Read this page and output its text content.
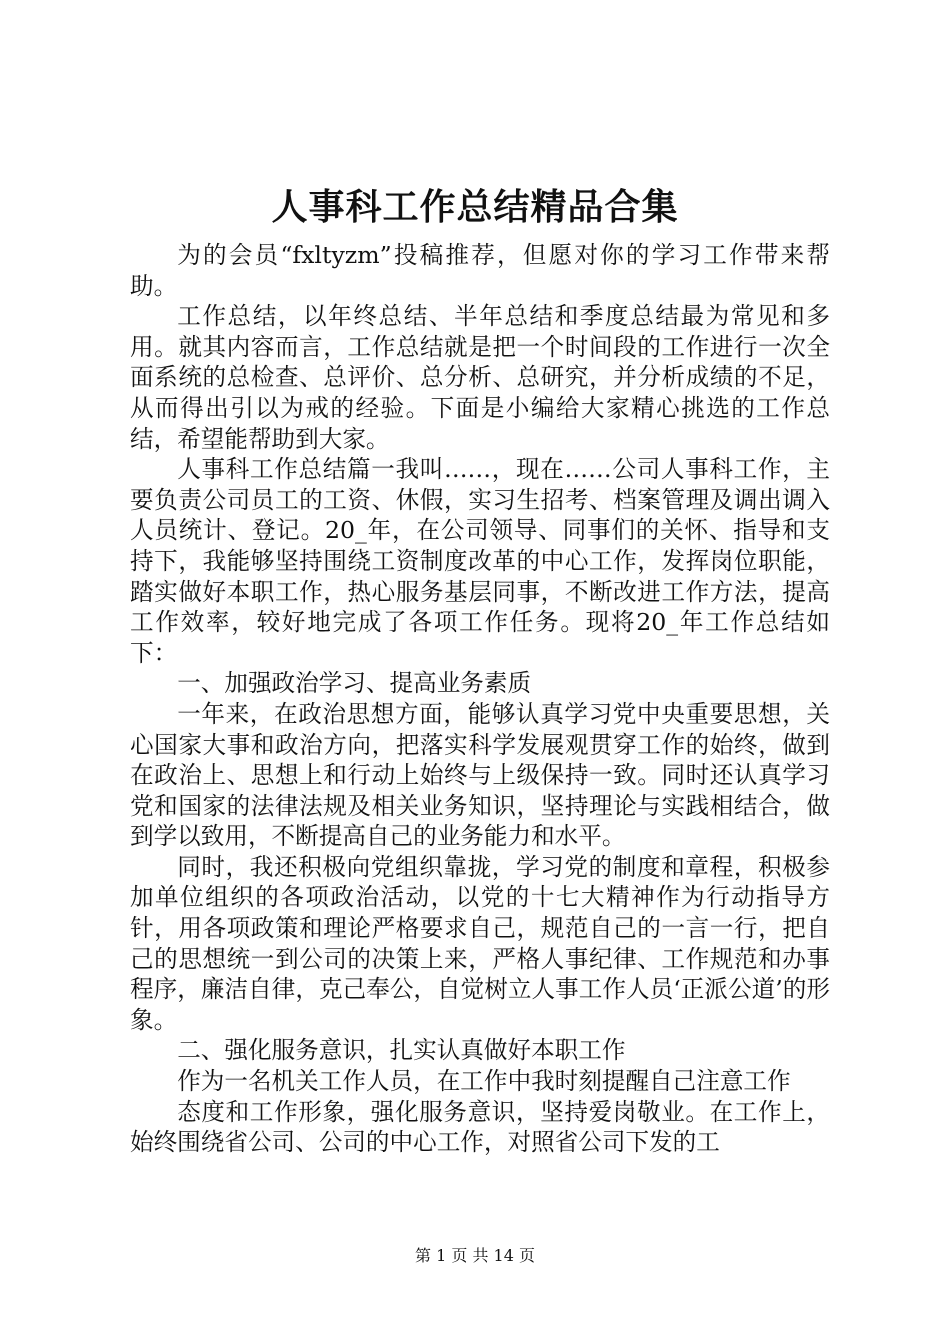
人事科工作总结精品合集

为的会员“fxltyzm”投稿推荐，但愿对你的学习工作带来帮助。

工作总结，以年终总结、半年总结和季度总结最为常见和多用。就其内容而言，工作总结就是把一个时间段的工作进行一次全面系统的总检查、总评价、总分析、总研究，并分析成绩的不足，从而得出引以为戒的经验。下面是小编给大家精心挑选的工作总结，希望能帮助到大家。

人事科工作总结篇一我叫……，现在……公司人事科工作，主要负责公司员工的工资、休假，实习生招考、档案管理及调出调入人员统计、登记。20_年，在公司领导、同事们的关怀、指导和支持下，我能够坚持围绕工资制度改革的中心工作，发挥岗位职能，踏实做好本职工作，热心服务基层同事，不断改进工作方法，提高工作效率，较好地完成了各项工作任务。现将20_年工作总结如下：

一、加强政治学习、提高业务素质

一年来，在政治思想方面，能够认真学习党中央重要思想，关心国家大事和政治方向，把落实科学发展观贯穿工作的始终，做到在政治上、思想上和行动上始终与上级保持一致。同时还认真学习党和国家的法律法规及相关业务知识，坚持理论与实践相结合，做到学以致用，不断提高自己的业务能力和水平。

同时，我还积极向党组织靠拢，学习党的制度和章程，积极参加单位组织的各项政治活动，以党的十七大精神作为行动指导方针，用各项政策和理论严格要求自己，规范自己的一言一行，把自己的思想统一到公司的决策上来，严格人事纪律、工作规范和办事程序，廉洁自律，克己奉公，自觉树立人事工作人员‘正派公道’的形象。

二、强化服务意识，扎实认真做好本职工作

作为一名机关工作人员，在工作中我时刻提醒自己注意工作

态度和工作形象，强化服务意识，坚持爱岗敬业。在工作上，始终围绕省公司、公司的中心工作，对照省公司下发的工

第 1 页 共 14 页
